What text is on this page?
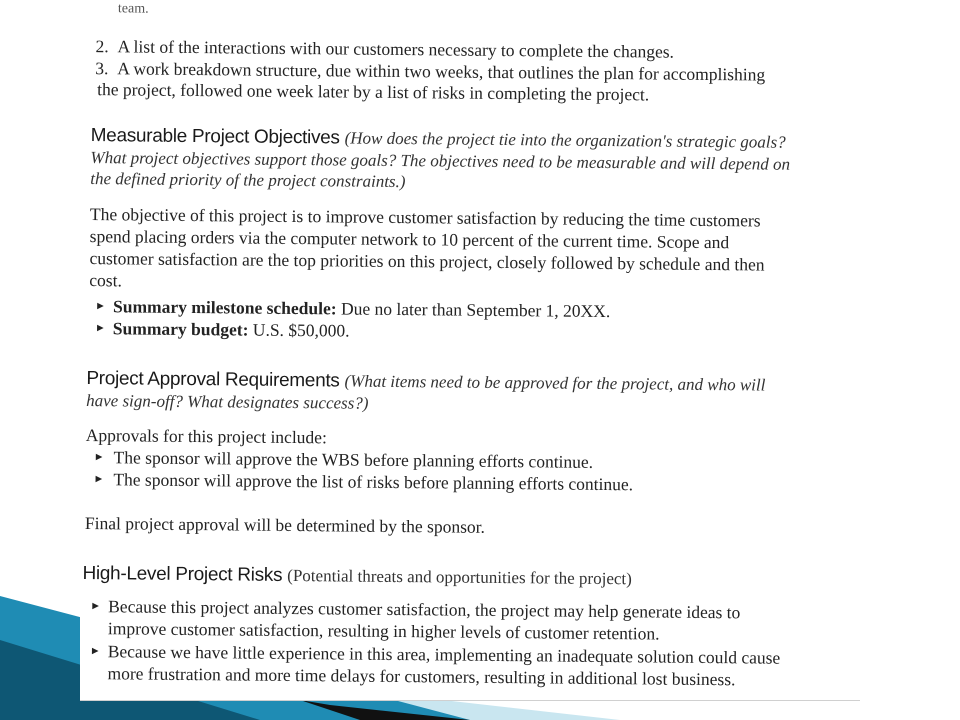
team.
2. A list of the interactions with our customers necessary to complete the changes.
3. A work breakdown structure, due within two weeks, that outlines the plan for accomplishing
the project, followed one week later by a list of risks in completing the project.
Measurable Project Objectives (How does the project tie into the organization's strategic goals?
What project objectives support those goals? The objectives need to be measurable and will depend on
the defined priority of the project constraints.)
The objective of this project is to improve customer satisfaction by reducing the time customers
spend placing orders via the computer network to 10 percent of the current time. Scope and
customer satisfaction are the top priorities on this project, closely followed by schedule and then
cost.
► Summary milestone schedule: Due no later than September 1, 20XX.
► Summary budget: U.S. $50,000.
Project Approval Requirements (What items need to be approved for the project, and who will
have sign-off? What designates success?)
Approvals for this project include:
► The sponsor will approve the WBS before planning efforts continue.
► The sponsor will approve the list of risks before planning efforts continue.
Final project approval will be determined by the sponsor.
High-Level Project Risks (Potential threats and opportunities for the project)
► Because this project analyzes customer satisfaction, the project may help generate ideas to
improve customer satisfaction, resulting in higher levels of customer retention.
► Because we have little experience in this area, implementing an inadequate solution could cause
more frustration and more time delays for customers, resulting in additional lost business.
